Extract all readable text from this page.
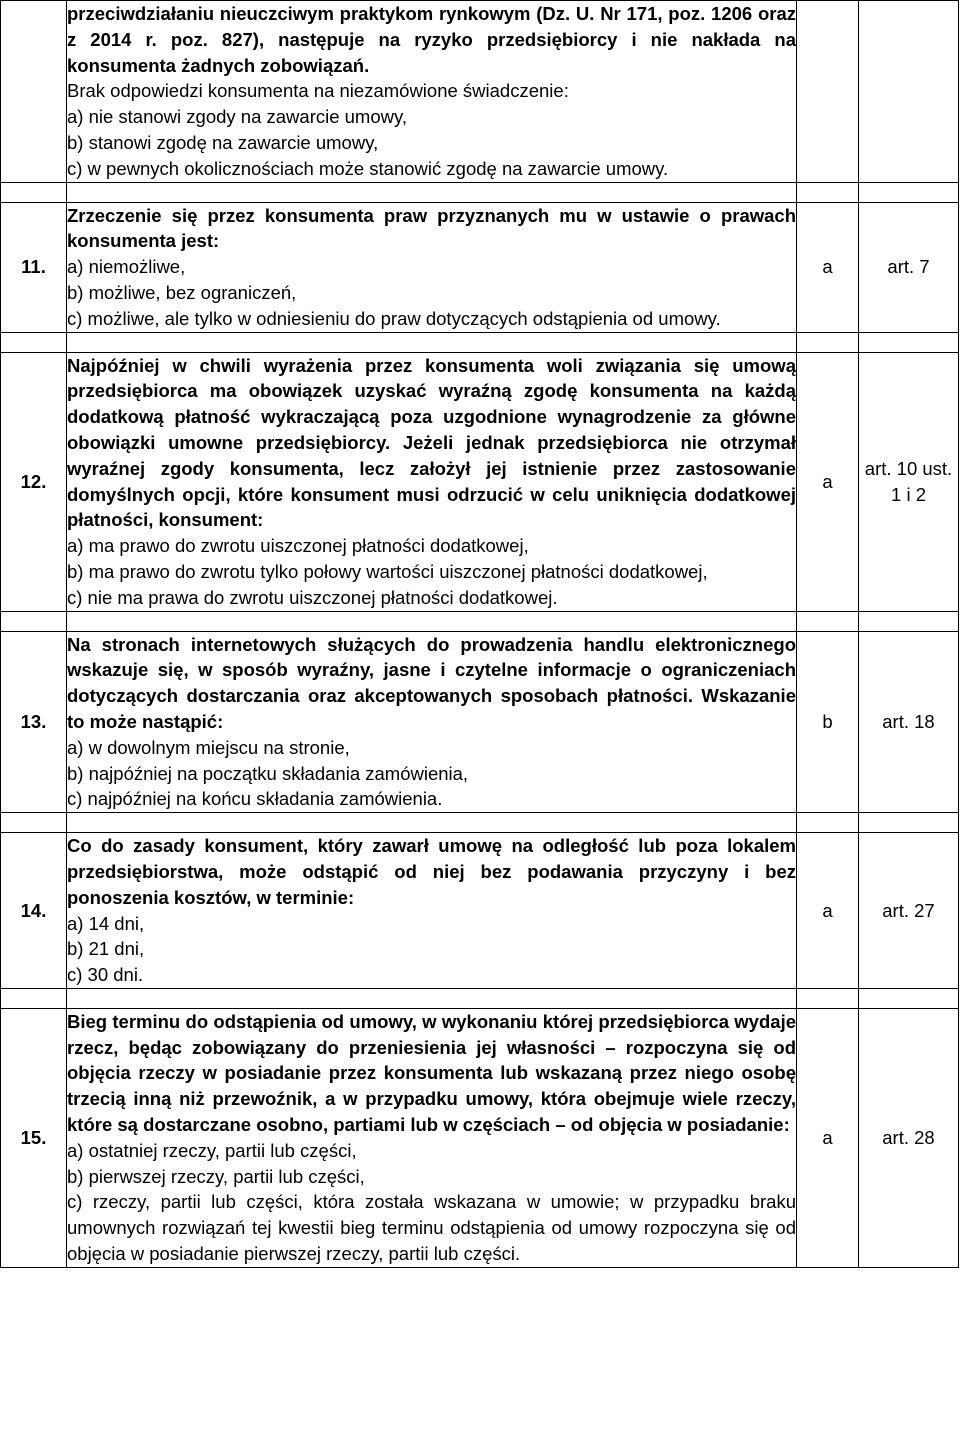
	przeciwdziałaniu nieuczciwym praktykom rynkowym (Dz. U. Nr 171, poz. 1206 oraz z 2014 r. poz. 827), następuje na ryzyko przedsiębiorcy i nie nakłada na konsumenta żadnych zobowiązań.
Brak odpowiedzi konsumenta na niezamówione świadczenie:
a) nie stanowi zgody na zawarcie umowy,
b) stanowi zgodę na zawarcie umowy,
c) w pewnych okolicznościach może stanowić zgodę na zawarcie umowy.		

11.	Zrzeczenie się przez konsumenta praw przyznanych mu w ustawie o prawach konsumenta jest:
a) niemożliwe,
b) możliwe, bez ograniczeń,
c) możliwe, ale tylko w odniesieniu do praw dotyczących odstąpienia od umowy.	a	art. 7

12.	Najpóźniej w chwili wyrażenia przez konsumenta woli związania się umową przedsiębiorca ma obowiązek uzyskać wyraźną zgodę konsumenta na każdą dodatkową płatność wykraczającą poza uzgodnione wynagrodzenie za główne obowiązki umowne przedsiębiorcy. Jeżeli jednak przedsiębiorca nie otrzymał wyraźnej zgody konsumenta, lecz założył jej istnienie przez zastosowanie domyślnych opcji, które konsument musi odrzucić w celu uniknięcia dodatkowej płatności, konsument:
a) ma prawo do zwrotu uiszczonej płatności dodatkowej,
b) ma prawo do zwrotu tylko połowy wartości uiszczonej płatności dodatkowej,
c) nie ma prawa do zwrotu uiszczonej płatności dodatkowej.	a	art. 10 ust. 1 i 2

13.	Na stronach internetowych służących do prowadzenia handlu elektronicznego wskazuje się, w sposób wyraźny, jasne i czytelne informacje o ograniczeniach dotyczących dostarczania oraz akceptowanych sposobach płatności. Wskazanie to może nastąpić:
a) w dowolnym miejscu na stronie,
b) najpóźniej na początku składania zamówienia,
c) najpóźniej na końcu składania zamówienia.	b	art. 18

14.	Co do zasady konsument, który zawarł umowę na odległość lub poza lokalem przedsiębiorstwa, może odstąpić od niej bez podawania przyczyny i bez ponoszenia kosztów, w terminie:
a) 14 dni,
b) 21 dni,
c) 30 dni.	a	art. 27

15.	Bieg terminu do odstąpienia od umowy, w wykonaniu której przedsiębiorca wydaje rzecz, będąc zobowiązany do przeniesienia jej własności – rozpoczyna się od objęcia rzeczy w posiadanie przez konsumenta lub wskazaną przez niego osobę trzecią inną niż przewoźnik, a w przypadku umowy, która obejmuje wiele rzeczy, które są dostarczane osobno, partiami lub w częściach – od objęcia w posiadanie:
a) ostatniej rzeczy, partii lub części,
b) pierwszej rzeczy, partii lub części,
c) rzeczy, partii lub części, która została wskazana w umowie; w przypadku braku umownych rozwiązań tej kwestii bieg terminu odstąpienia od umowy rozpoczyna się od objęcia w posiadanie pierwszej rzeczy, partii lub części.	a	art. 28
